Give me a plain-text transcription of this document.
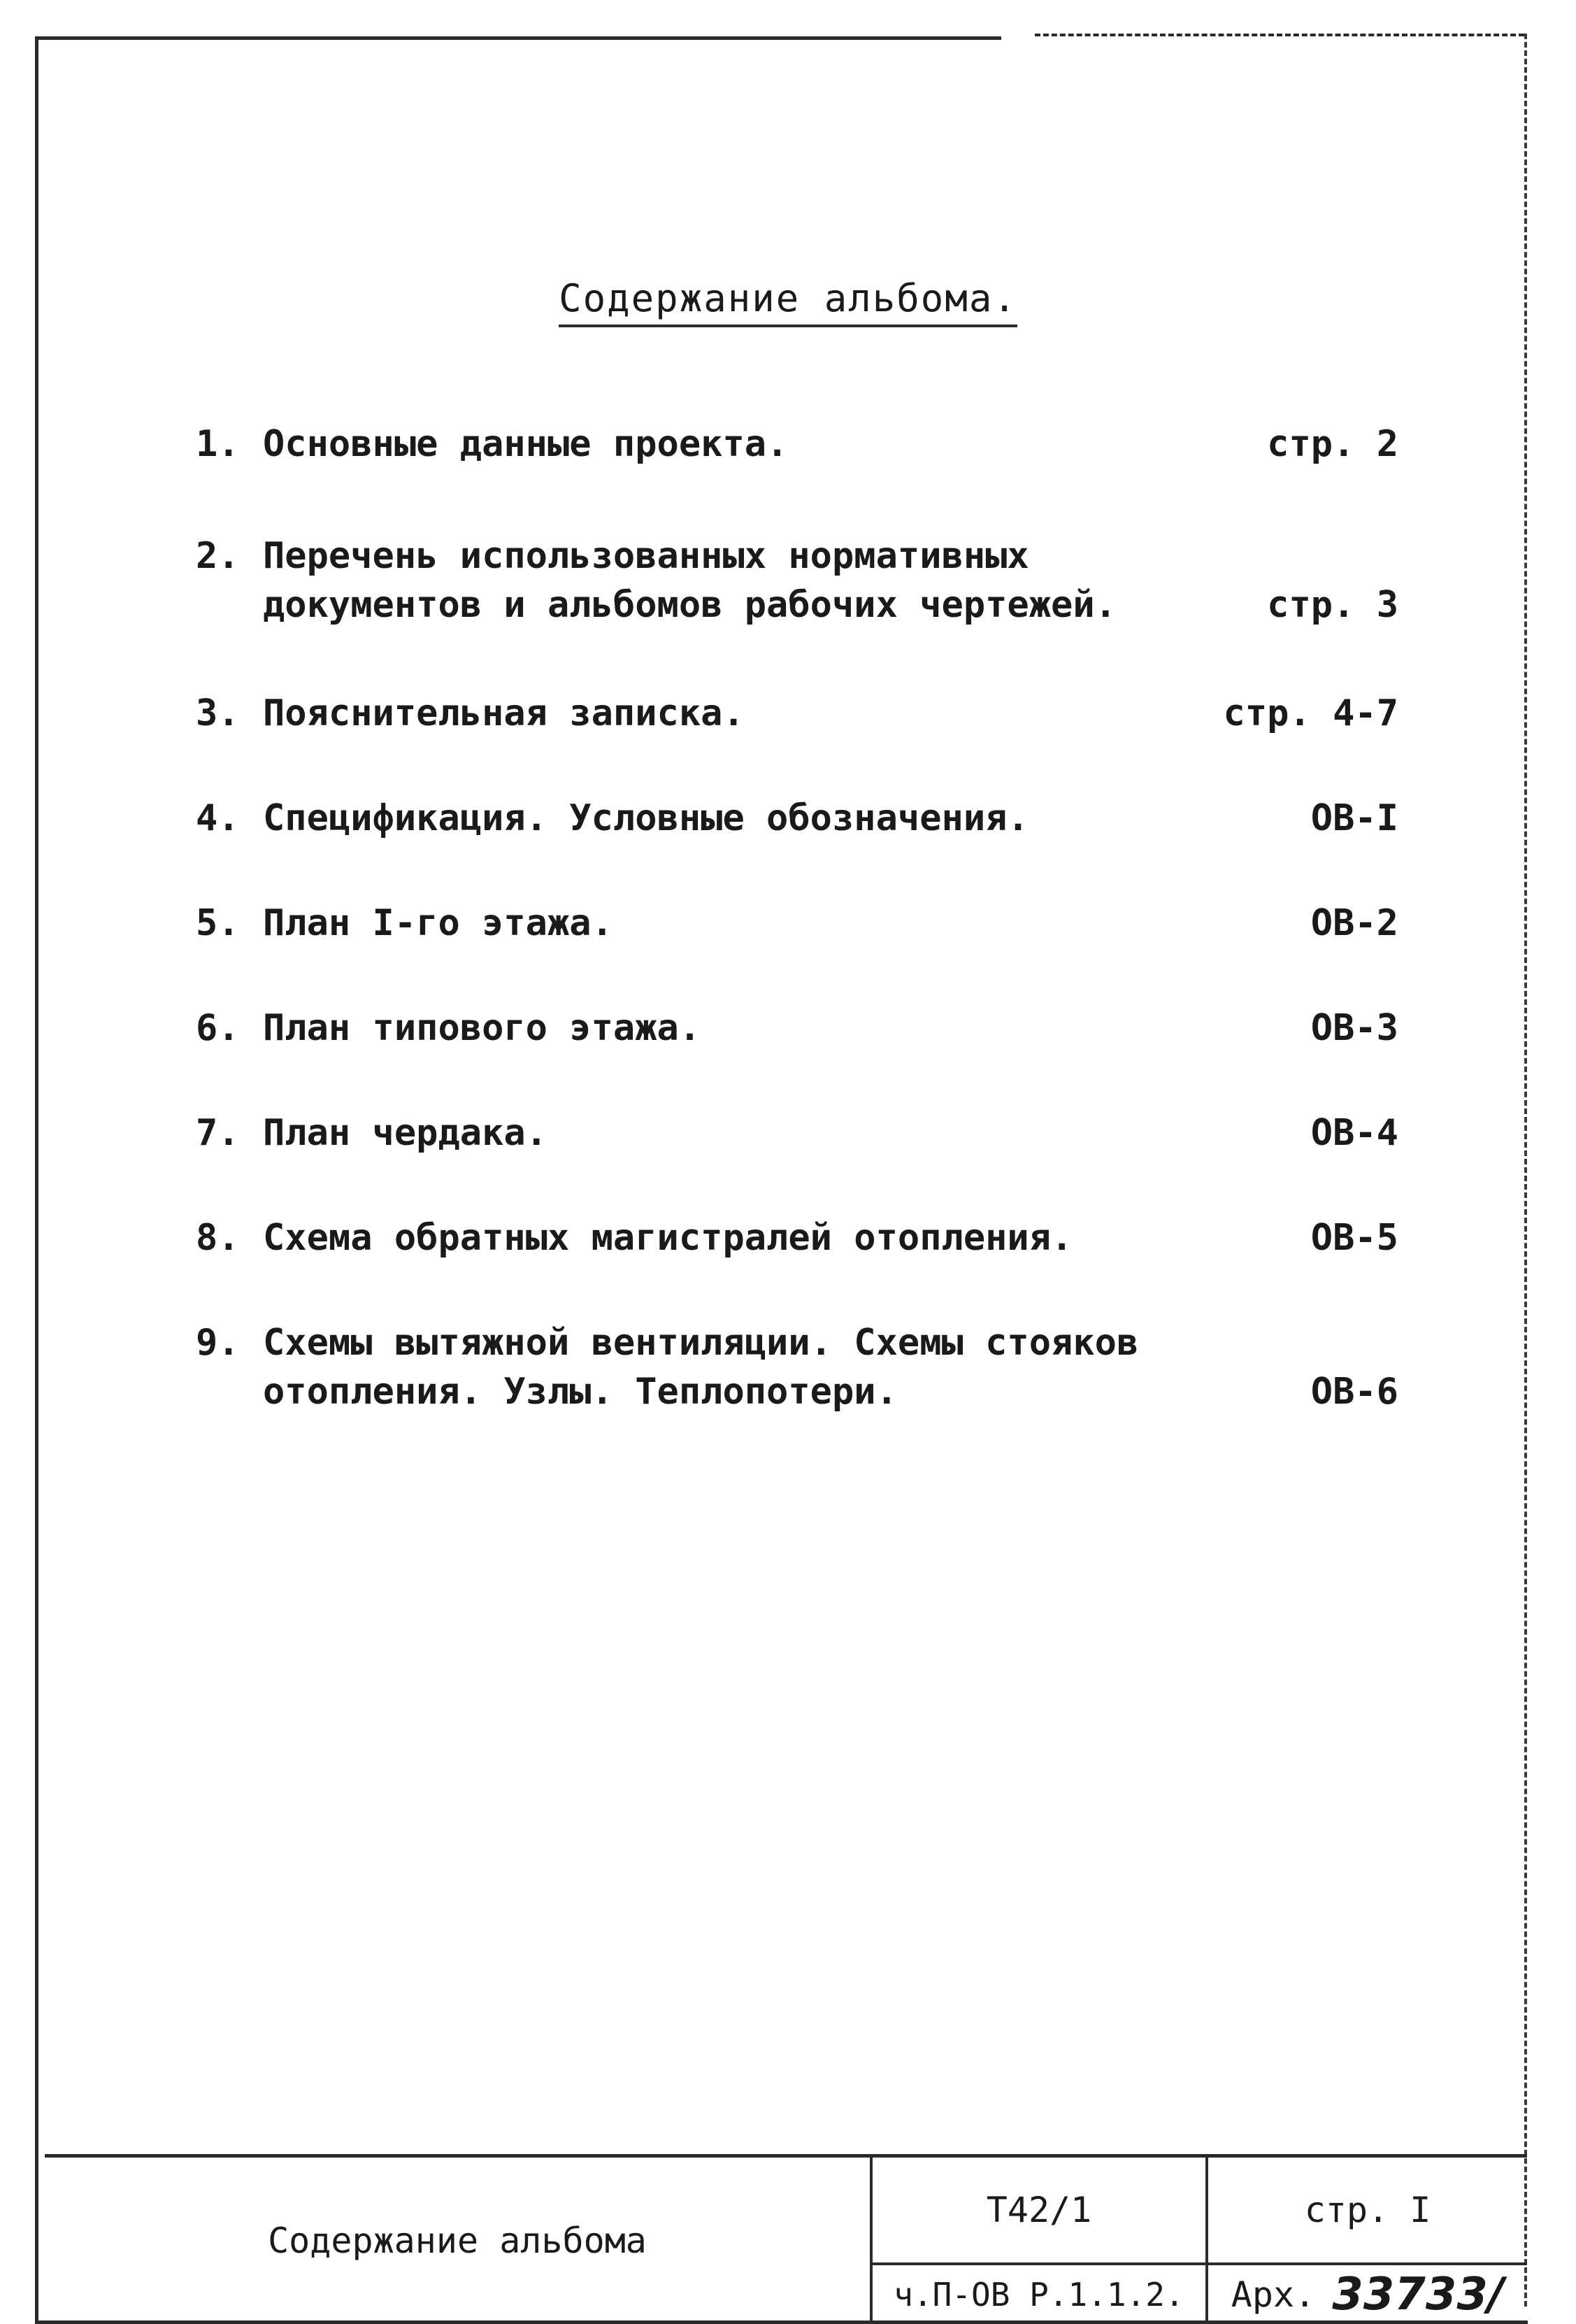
Содержание альбома.
1. Основные данные проекта.	стр. 2
2. Перечень использованных нормативных
документов и альбомов рабочих чертежей.	стр. 3
3. Пояснительная записка.	стр. 4-7
4. Спецификация. Условные обозначения.	ОВ-I
5. План I-го этажа.	ОВ-2
6. План типового этажа.	ОВ-3
7. План чердака.	ОВ-4
8. Схема обратных магистралей отопления.	ОВ-5
9. Схемы вытяжной вентиляции. Схемы стояков
отопления. Узлы. Теплопотери.	ОВ-6
Содержание альбома
Т42/1
ч.П-ОВ Р.1.1.2.
стр. I
Арх. 33733/
